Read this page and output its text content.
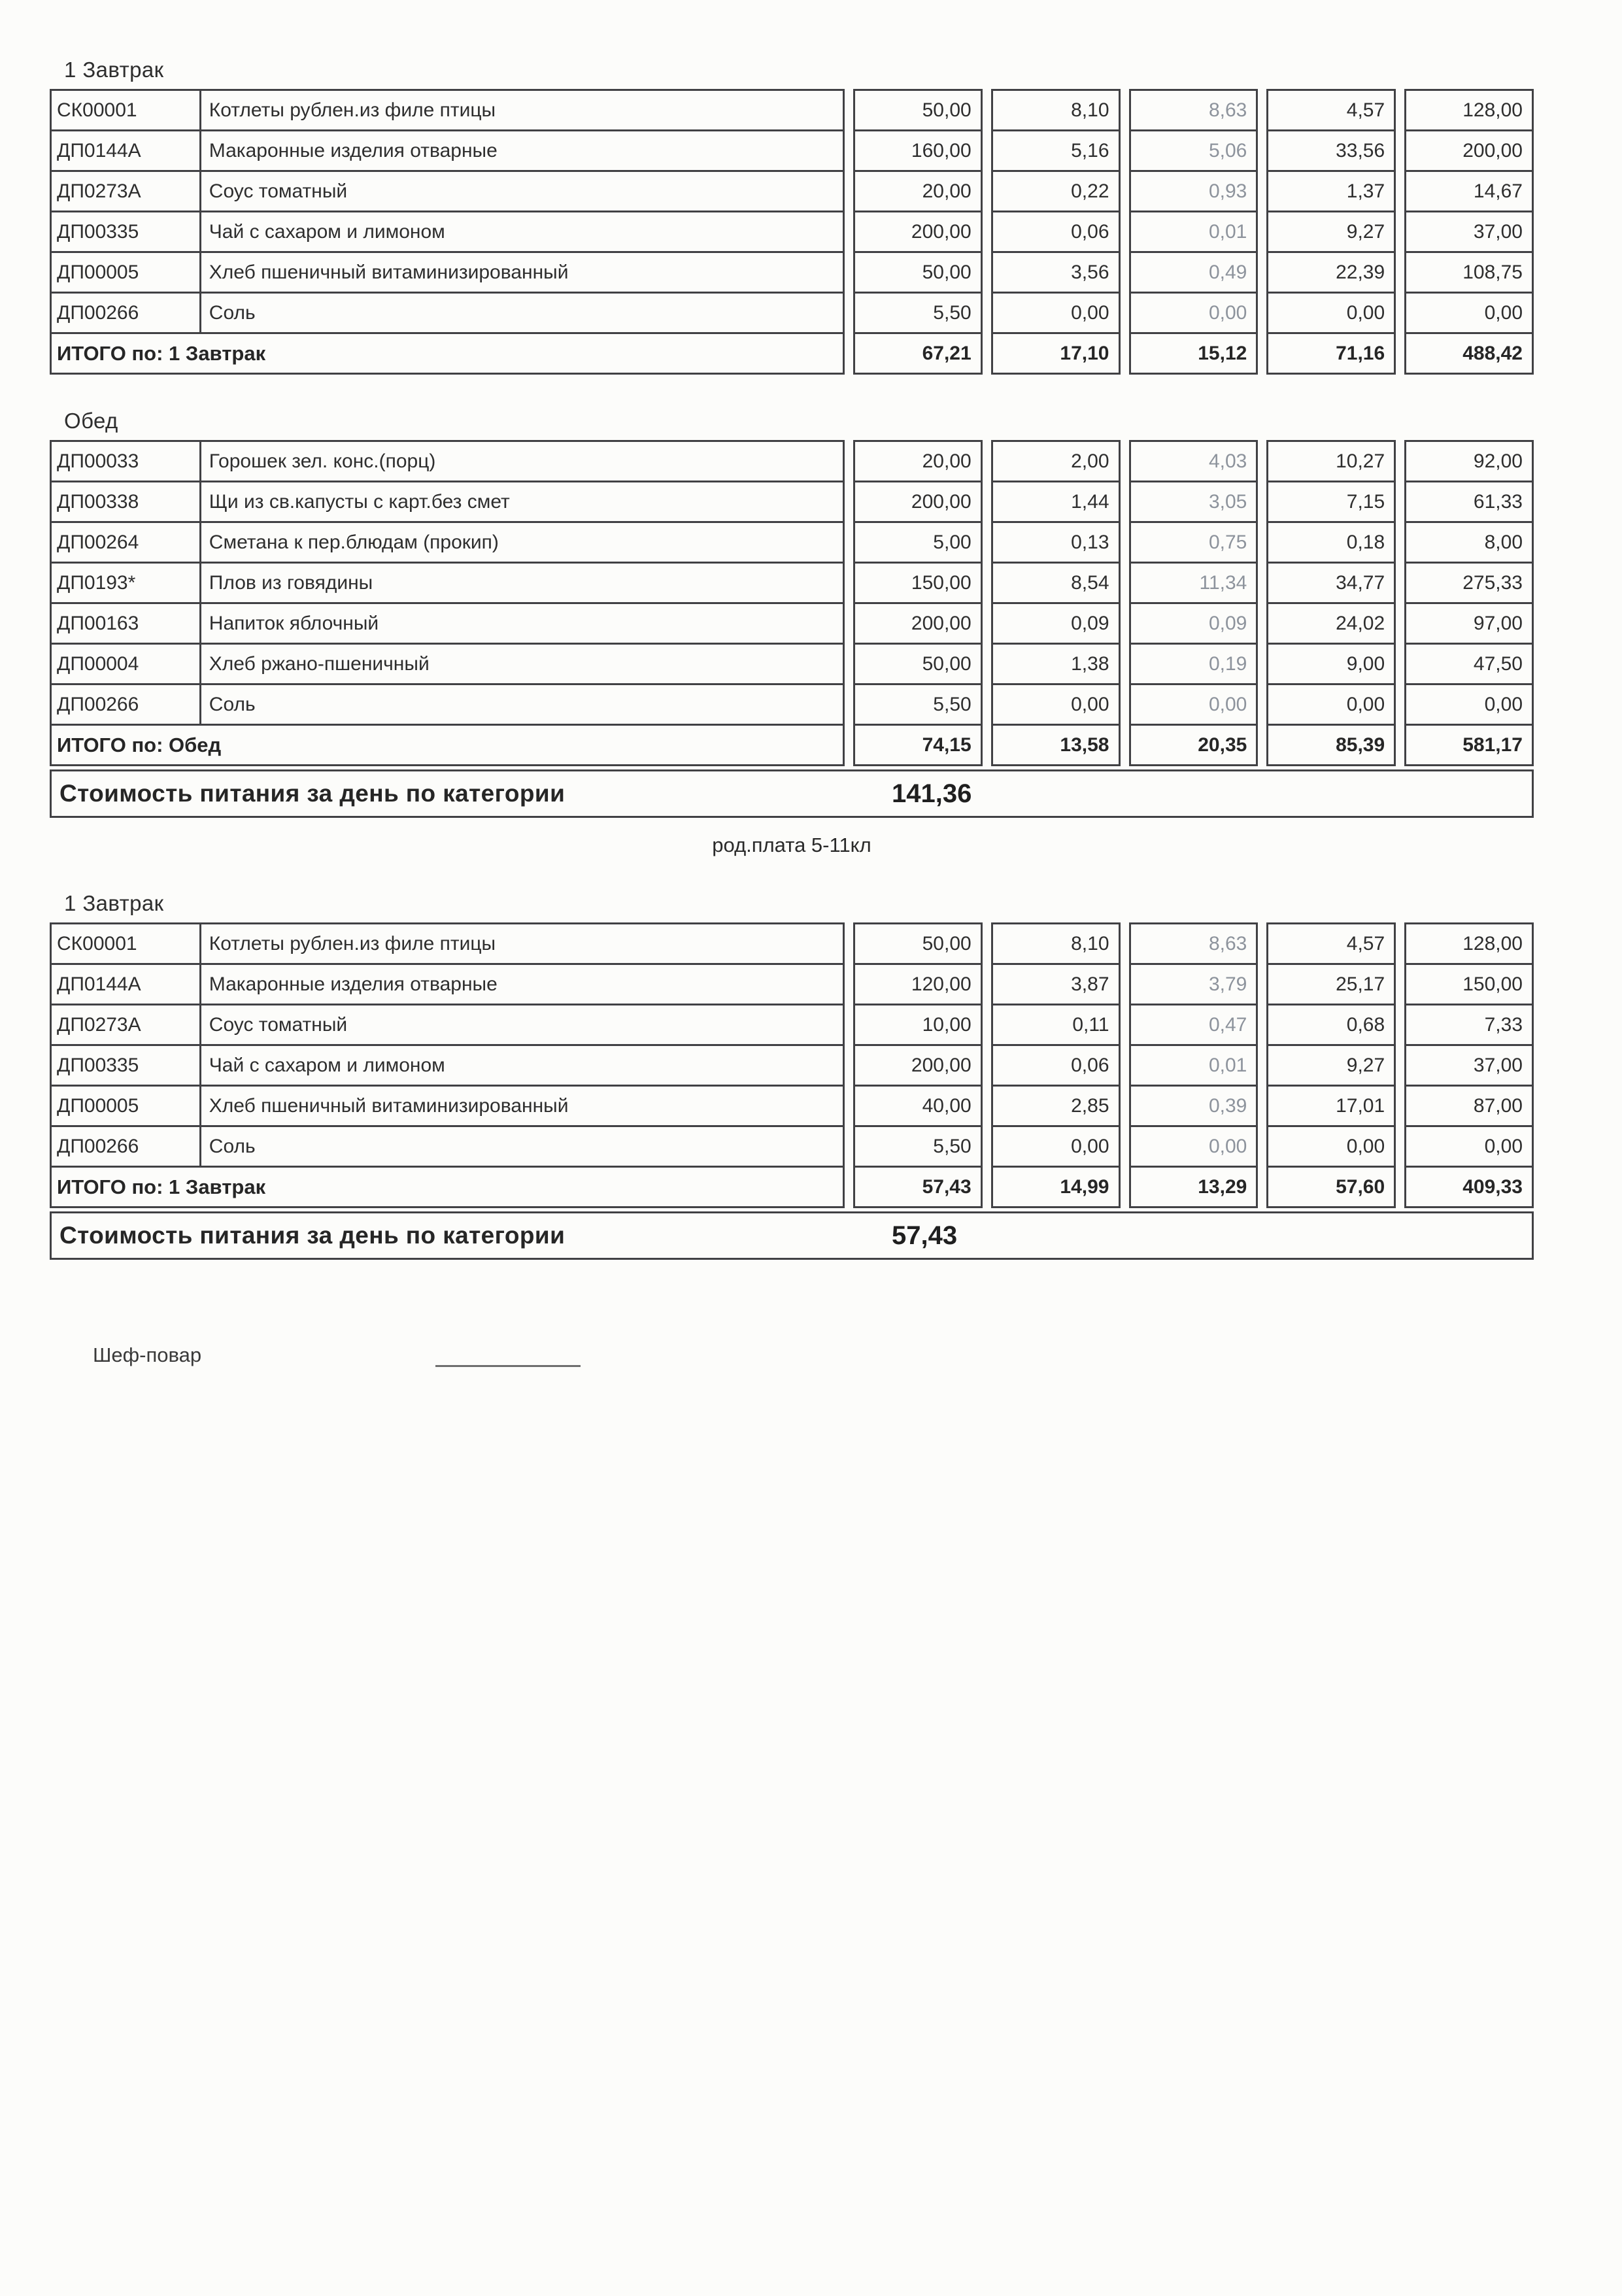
1 Завтрак
СК00001	Котлеты рублен.из филе птицы	50,00	8,10	8,63	4,57	128,00
ДП0144А	Макаронные изделия отварные	160,00	5,16	5,06	33,56	200,00
ДП0273А	Соус томатный	20,00	0,22	0,93	1,37	14,67
ДП00335	Чай с сахаром и лимоном	200,00	0,06	0,01	9,27	37,00
ДП00005	Хлеб пшеничный витаминизированный	50,00	3,56	0,49	22,39	108,75
ДП00266	Соль	5,50	0,00	0,00	0,00	0,00
ИТОГО по: 1 Завтрак	67,21	17,10	15,12	71,16	488,42
Обед
ДП00033	Горошек зел. конс.(порц)	20,00	2,00	4,03	10,27	92,00
ДП00338	Щи из св.капусты с карт.без смет	200,00	1,44	3,05	7,15	61,33
ДП00264	Сметана к пер.блюдам (прокип)	5,00	0,13	0,75	0,18	8,00
ДП0193*	Плов из говядины	150,00	8,54	11,34	34,77	275,33
ДП00163	Напиток яблочный	200,00	0,09	0,09	24,02	97,00
ДП00004	Хлеб ржано-пшеничный	50,00	1,38	0,19	9,00	47,50
ДП00266	Соль	5,50	0,00	0,00	0,00	0,00
ИТОГО по: Обед	74,15	13,58	20,35	85,39	581,17
Стоимость питания за день по категории	141,36
род.плата 5-11кл
1 Завтрак
СК00001	Котлеты рублен.из филе птицы	50,00	8,10	8,63	4,57	128,00
ДП0144А	Макаронные изделия отварные	120,00	3,87	3,79	25,17	150,00
ДП0273А	Соус томатный	10,00	0,11	0,47	0,68	7,33
ДП00335	Чай с сахаром и лимоном	200,00	0,06	0,01	9,27	37,00
ДП00005	Хлеб пшеничный витаминизированный	40,00	2,85	0,39	17,01	87,00
ДП00266	Соль	5,50	0,00	0,00	0,00	0,00
ИТОГО по: 1 Завтрак	57,43	14,99	13,29	57,60	409,33
Стоимость питания за день по категории	57,43
Шеф-повар
